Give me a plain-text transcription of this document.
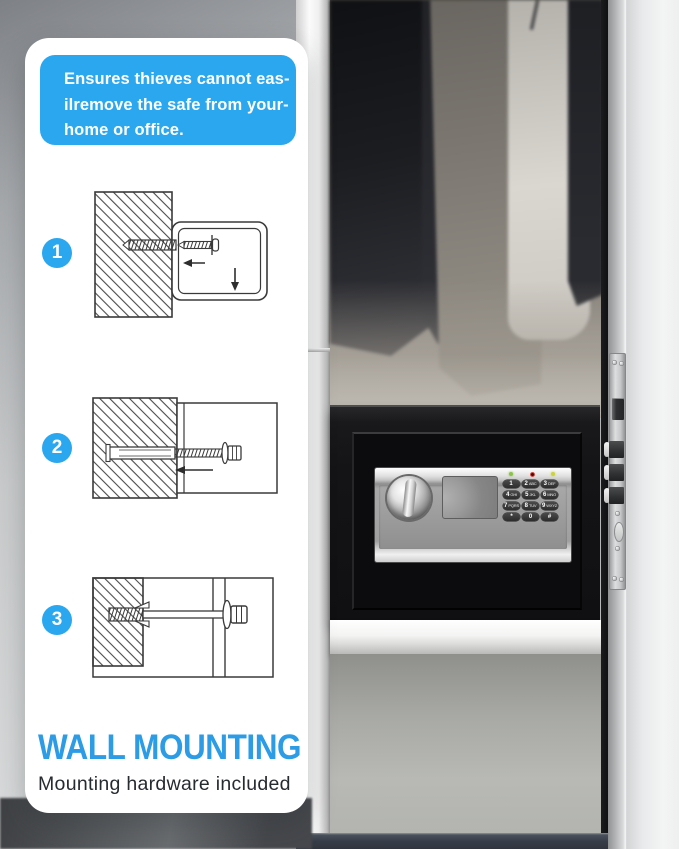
1 2 ABC 3 DEF
4 GHI 5 JKL 6 MNO
7 PQRS 8 TUV 9 WXYZ
*	0	#
Ensures thieves cannot eas-
ilremove the safe from your-
home or office.
1
2
3
WALL MOUNTING
Mounting hardware included
